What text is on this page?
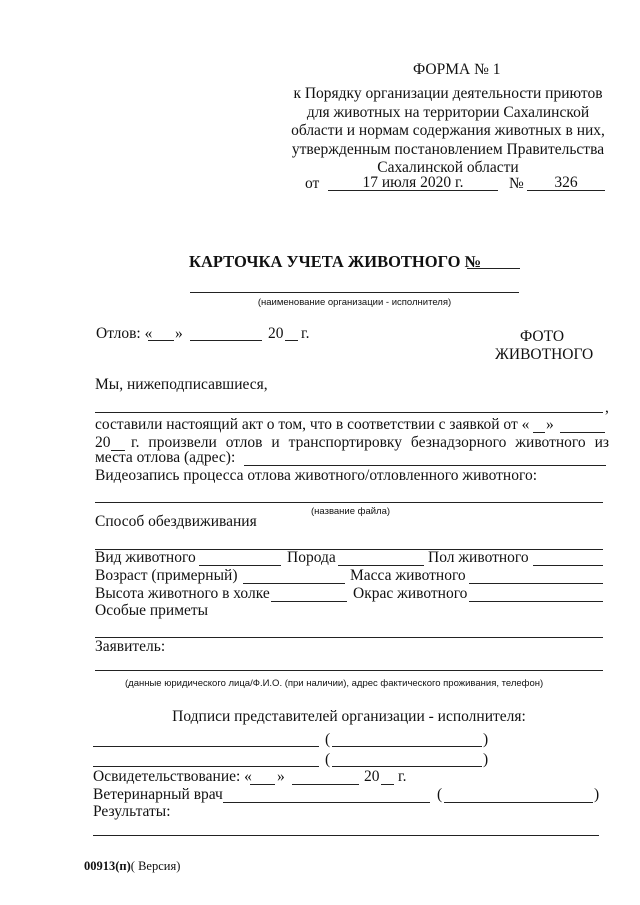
ФОРМА № 1
к Порядку организации деятельности приютов
для животных на территории Сахалинской
области и нормам содержания животных в них,
утвержденным постановлением Правительства
Сахалинской области
от	17 июля 2020 г.	№	326
КАРТОЧКА УЧЕТА ЖИВОТНОГО №
(наименование организации - исполнителя)
Отлов: « »	20 г.	ФОТО
ЖИВОТНОГО
Мы, нижеподписавшиеся,
,
составили настоящий акт о том, что в соответствии с заявкой от « »
20 г. произвели отлов и транспортировку безнадзорного животного из
места отлова (адрес):
Видеозапись процесса отлова животного/отловленного животного:
(название файла)
Способ обездвиживания
Вид животного	Порода	Пол животного
Возраст (примерный)	Масса животного
Высота животного в холке	Окрас животного
Особые приметы
Заявитель:
(данные юридического лица/Ф.И.О. (при наличии), адрес фактического проживания, телефон)
Подписи представителей организации - исполнителя:
(	)
(	)
Освидетельствование: « »	20 г.
Ветеринарный врач	(	)
Результаты:
00913(п)( Версия)
